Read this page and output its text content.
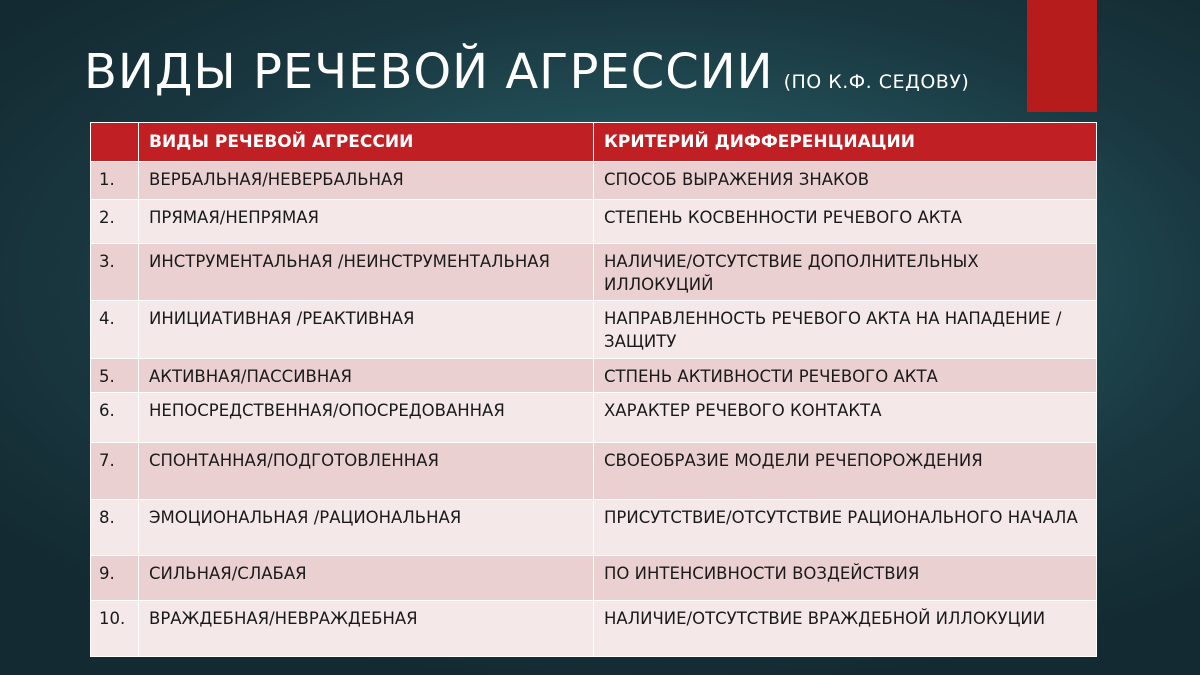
ВИДЫ РЕЧЕВОЙ АГРЕССИИ (ПО К.Ф. СЕДОВУ)
	ВИДЫ РЕЧЕВОЙ АГРЕССИИ	КРИТЕРИЙ ДИФФЕРЕНЦИАЦИИ
1.	ВЕРБАЛЬНАЯ/НЕВЕРБАЛЬНАЯ	СПОСОБ ВЫРАЖЕНИЯ ЗНАКОВ
2.	ПРЯМАЯ/НЕПРЯМАЯ	СТЕПЕНЬ КОСВЕННОСТИ РЕЧЕВОГО АКТА
3.	ИНСТРУМЕНТАЛЬНАЯ /НЕИНСТРУМЕНТАЛЬНАЯ	НАЛИЧИЕ/ОТСУТСТВИЕ ДОПОЛНИТЕЛЬНЫХ ИЛЛОКУЦИЙ
4.	ИНИЦИАТИВНАЯ /РЕАКТИВНАЯ	НАПРАВЛЕННОСТЬ РЕЧЕВОГО АКТА НА НАПАДЕНИЕ /ЗАЩИТУ
5.	АКТИВНАЯ/ПАССИВНАЯ	СТПЕНЬ АКТИВНОСТИ РЕЧЕВОГО АКТА
6.	НЕПОСРЕДСТВЕННАЯ/ОПОСРЕДОВАННАЯ	ХАРАКТЕР РЕЧЕВОГО КОНТАКТА
7.	СПОНТАННАЯ/ПОДГОТОВЛЕННАЯ	СВОЕОБРАЗИЕ МОДЕЛИ РЕЧЕПОРОЖДЕНИЯ
8.	ЭМОЦИОНАЛЬНАЯ /РАЦИОНАЛЬНАЯ	ПРИСУТСТВИЕ/ОТСУТСТВИЕ РАЦИОНАЛЬНОГО НАЧАЛА
9.	СИЛЬНАЯ/СЛАБАЯ	ПО ИНТЕНСИВНОСТИ ВОЗДЕЙСТВИЯ
10.	ВРАЖДЕБНАЯ/НЕВРАЖДЕБНАЯ	НАЛИЧИЕ/ОТСУТСТВИЕ ВРАЖДЕБНОЙ ИЛЛОКУЦИИ
